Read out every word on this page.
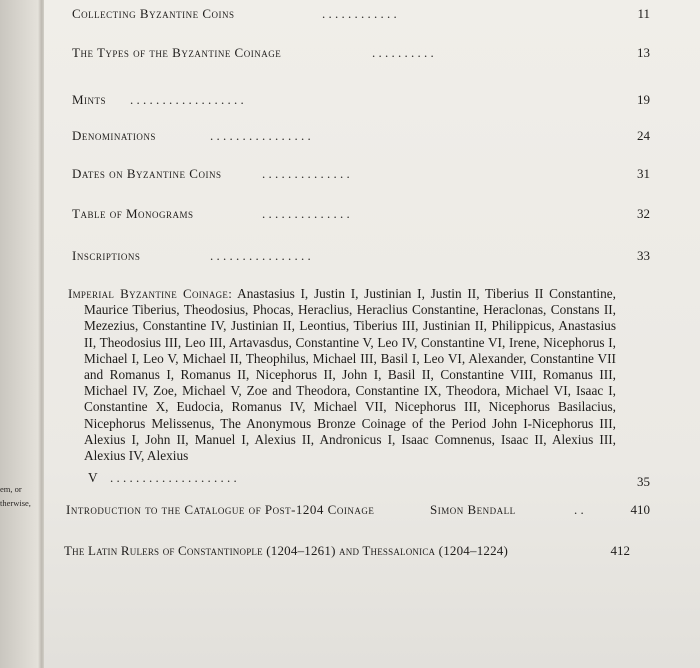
em, or
therwise,
Collecting Byzantine Coins	. . . . . . . . . . . .	11
The Types of the Byzantine Coinage	. . . . . . . . . .	13
Mints . . . . . . . . . . . . . . . . . .	19
Denominations	. . . . . . . . . . . . . . . .	24
Dates on Byzantine Coins	. . . . . . . . . . . . . .	31
Table of Monograms	. . . . . . . . . . . . . .	32
Inscriptions	. . . . . . . . . . . . . . . .	33

Imperial Byzantine Coinage: Anastasius I, Justin I, Justinian I, Justin II, Tiberius II Constantine, Maurice Tiberius, Theodosius, Phocas, Heraclius, Heraclius Constantine, Heraclonas, Constans II, Mezezius, Constantine IV, Justinian II, Leontius, Tiberius III, Justinian II, Philippicus, Anastasius II, Theodosius III, Leo III, Artavasdus, Constantine V, Leo IV, Constantine VI, Irene, Nicephorus I, Michael I, Leo V, Michael II, Theophilus, Michael III, Basil I, Leo VI, Alexander, Constantine VII and Romanus I, Romanus II, Nicephorus II, John I, Basil II, Constantine VIII, Romanus III, Michael IV, Zoe, Michael V, Zoe and Theodora, Constantine IX, Theodora, Michael VI, Isaac I, Constantine X, Eudocia, Romanus IV, Michael VII, Nicephorus III, Nicephorus Basilacius, Nicephorus Melissenus, The Anonymous Bronze Coinage of the Period John I-Nicephorus III, Alexius I, John II, Manuel I, Alexius II, Andronicus I, Isaac Comnenus, Isaac II, Alexius III, Alexius IV, Alexius

V . . . . . . . . . . . . . . . . . . . .	35
Introduction to the Catalogue of Post-1204 Coinage	Simon Bendall	. .	410
The Latin Rulers of Constantinople (1204–1261) and Thessalonica (1204–1224)	412
